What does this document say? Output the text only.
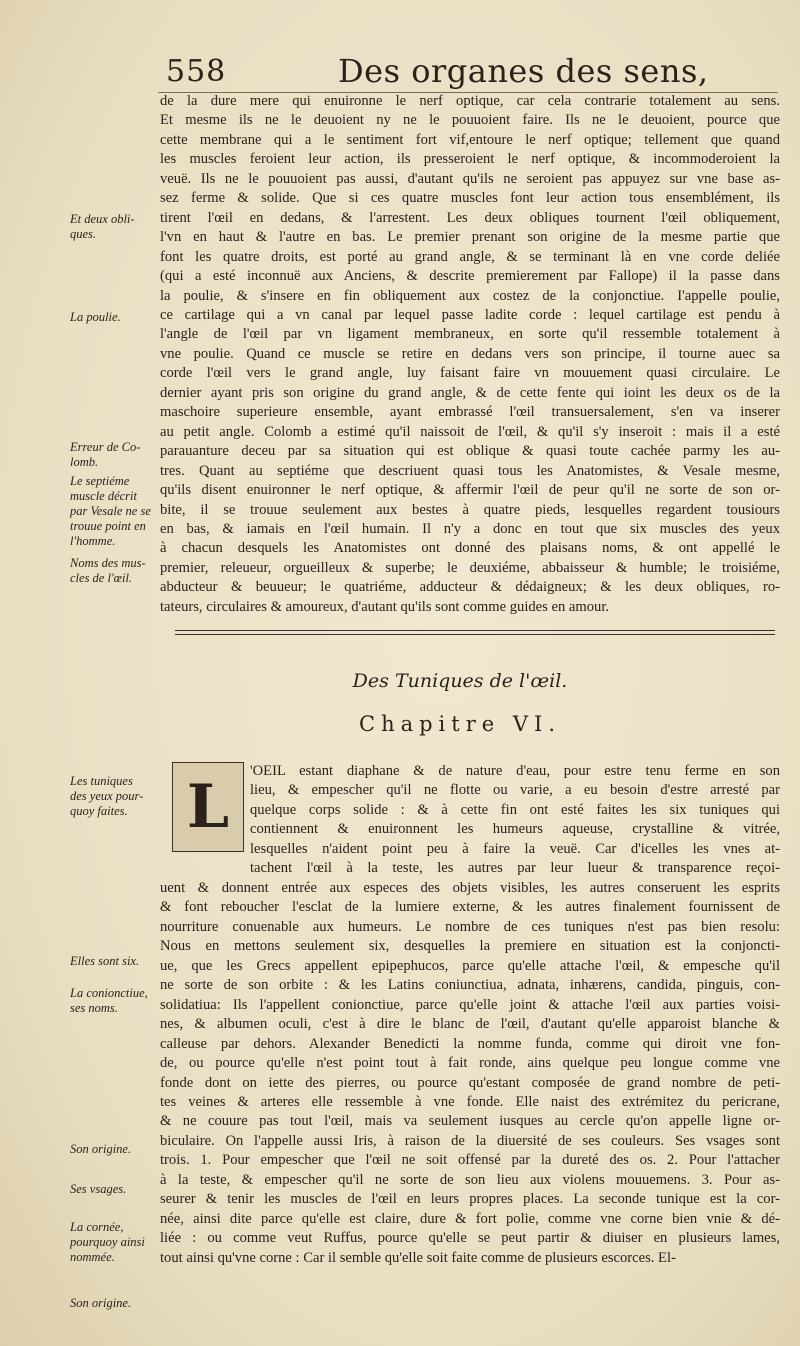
558	Des organes des sens,
de la dure mere qui enuironne le nerf optique, car cela contrarie totalement au sens.
Et mesme ils ne le deuoient ny ne le pouuoient faire. Ils ne le deuoient, pource que
cette membrane qui a le sentiment fort vif,entoure le nerf optique; tellement que quand
les muscles feroient leur action, ils presseroient le nerf optique, & incommoderoient la
veuë. Ils ne le pouuoient pas aussi, d'autant qu'ils ne seroient pas appuyez sur vne base as-
sez ferme & solide. Que si ces quatre muscles font leur action tous ensemblément, ils
tirent l'œil en dedans, & l'arrestent. Les deux obliques tournent l'œil obliquement,
l'vn en haut & l'autre en bas. Le premier prenant son origine de la mesme partie que
font les quatre droits, est porté au grand angle, & se terminant là en vne corde deliée
(qui a esté inconnuë aux Anciens, & descrite premierement par Fallope) il la passe dans
la poulie, & s'insere en fin obliquement aux costez de la conjonctiue. I'appelle poulie,
ce cartilage qui a vn canal par lequel passe ladite corde : lequel cartilage est pendu à
l'angle de l'œil par vn ligament membraneux, en sorte qu'il ressemble totalement à
vne poulie. Quand ce muscle se retire en dedans vers son principe, il tourne auec sa
corde l'œil vers le grand angle, luy faisant faire vn mouuement quasi circulaire. Le
dernier ayant pris son origine du grand angle, & de cette fente qui ioint les deux os de la
maschoire superieure ensemble, ayant embrassé l'œil transuersalement, s'en va inserer
au petit angle. Colomb a estimé qu'il naissoit de l'œil, & qu'il s'y inseroit : mais il a esté
parauanture deceu par sa situation qui est oblique & quasi toute cachée parmy les au-
tres. Quant au septiéme que descriuent quasi tous les Anatomistes, & Vesale mesme,
qu'ils disent enuironner le nerf optique, & affermir l'œil de peur qu'il ne sorte de son or-
bite, il se trouue seulement aux bestes à quatre pieds, lesquelles regardent tousiours
en bas, & iamais en l'œil humain. Il n'y a donc en tout que six muscles des yeux
à chacun desquels les Anatomistes ont donné des plaisans noms, & ont appellé le
premier, releueur, orgueilleux & superbe; le deuxiéme, abbaisseur & humble; le troisiéme,
abducteur & beuueur; le quatriéme, adducteur & dédaigneux; & les deux obliques, ro-
tateurs, circulaires & amoureux, d'autant qu'ils sont comme guides en amour.
Des Tuniques de l'œil.
Chapitre VI.
L
'OEIL estant diaphane & de nature d'eau, pour estre tenu ferme en son
lieu, & empescher qu'il ne flotte ou varie, a eu besoin d'estre arresté par
quelque corps solide : & à cette fin ont esté faites les six tuniques qui
contiennent & enuironnent les humeurs aqueuse, crystalline & vitrée,
lesquelles n'aident point peu à faire la veuë. Car d'icelles les vnes at-
tachent l'œil à la teste, les autres par leur lueur & transparence reçoi-
uent & donnent entrée aux especes des objets visibles, les autres conseruent les esprits
& font reboucher l'esclat de la lumiere externe, & les autres finalement fournissent de
nourriture conuenable aux humeurs. Le nombre de ces tuniques n'est pas bien resolu:
Nous en mettons seulement six, desquelles la premiere en situation est la conjoncti-
ue, que les Grecs appellent epipephucos, parce qu'elle attache l'œil, & empesche qu'il
ne sorte de son orbite : & les Latins coniunctiua, adnata, inhærens, candida, pinguis, con-
solidatiua: Ils l'appellent conionctiue, parce qu'elle joint & attache l'œil aux parties voisi-
nes, & albumen oculi, c'est à dire le blanc de l'œil, d'autant qu'elle apparoist blanche &
calleuse par dehors. Alexander Benedicti la nomme funda, comme qui diroit vne fon-
de, ou pource qu'elle n'est point tout à fait ronde, ains quelque peu longue comme vne
fonde dont on iette des pierres, ou pource qu'estant composée de grand nombre de peti-
tes veines & arteres elle ressemble à vne fonde. Elle naist des extrémitez du pericrane,
& ne couure pas tout l'œil, mais va seulement iusques au cercle qu'on appelle ligne or-
biculaire. On l'appelle aussi Iris, à raison de la diuersité de ses couleurs. Ses vsages sont
trois. 1. Pour empescher que l'œil ne soit offensé par la dureté des os. 2. Pour l'attacher
à la teste, & empescher qu'il ne sorte de son lieu aux violens mouuemens. 3. Pour as-
seurer & tenir les muscles de l'œil en leurs propres places. La seconde tunique est la cor-
née, ainsi dite parce qu'elle est claire, dure & fort polie, comme vne corne bien vnie & dé-
liée : ou comme veut Ruffus, pource qu'elle se peut partir & diuiser en plusieurs lames,
tout ainsi qu'vne corne : Car il semble qu'elle soit faite comme de plusieurs escorces. El-
Et deux obli-
ques.
La poulie.
Erreur de Co-
lomb.
Le septiéme
muscle décrit
par Vesale ne se
trouue point en
l'homme.
Noms des mus-
cles de l'œil.
Les tuniques
des yeux pour-
quoy faites.
Elles sont six.
La conionctiue,
ses noms.
Son origine.
Ses vsages.
La cornée,
pourquoy ainsi
nommée.
Son origine.
